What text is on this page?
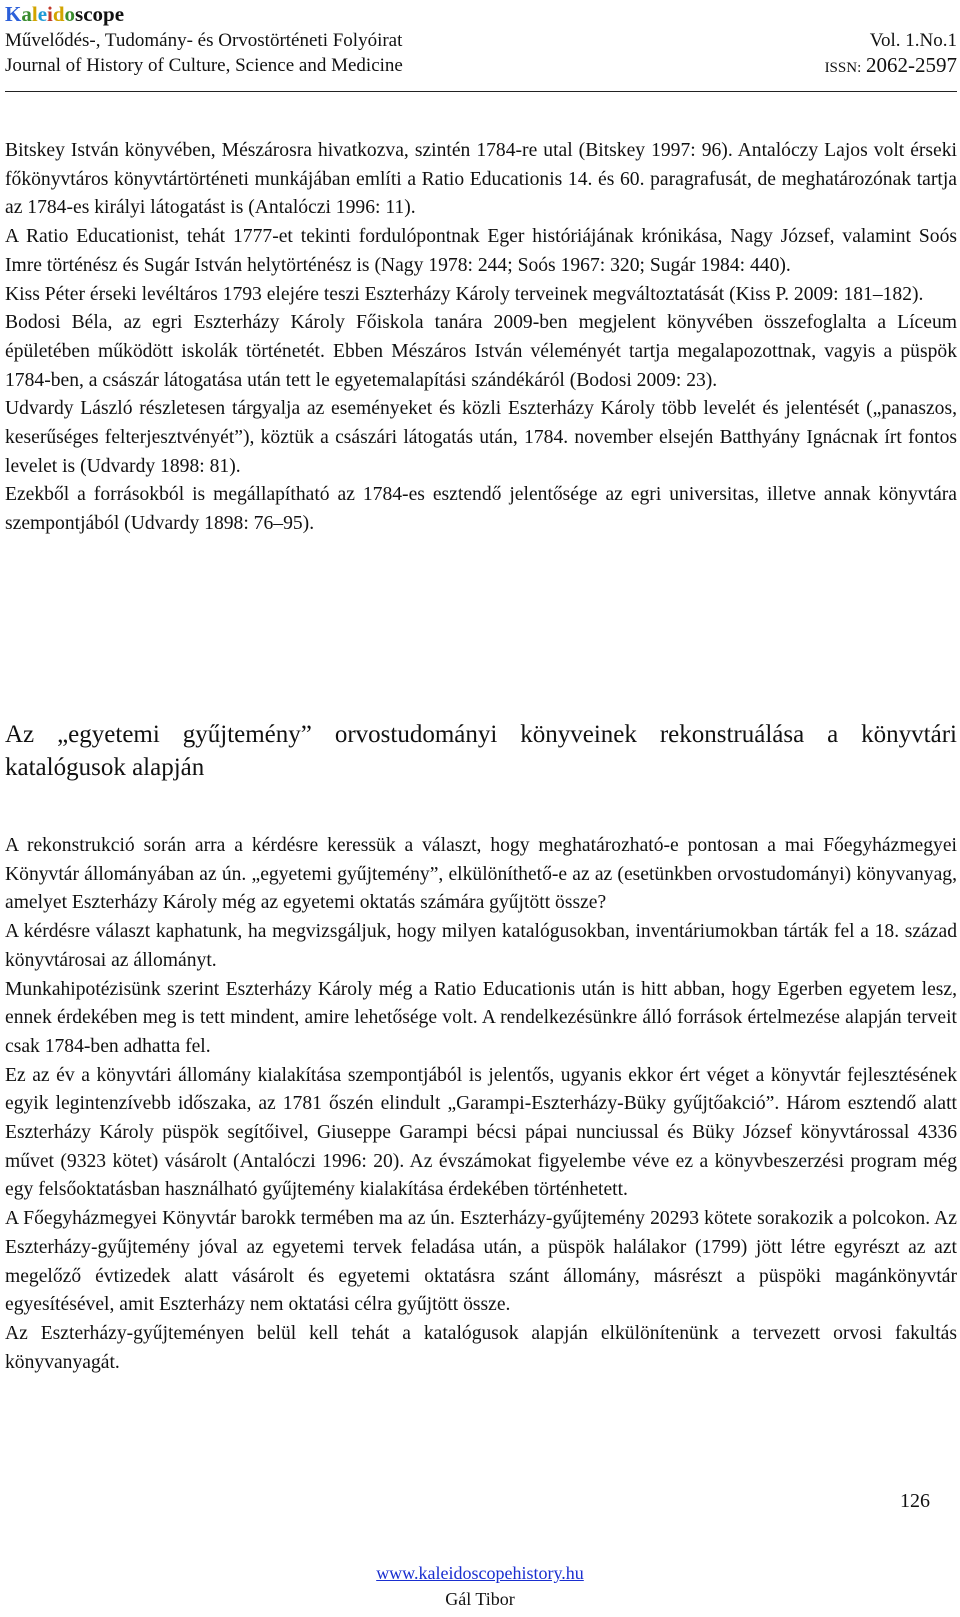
Kaleidoscope
Művelődés-, Tudomány- és Orvostörténeti Folyóirat	Vol. 1.No.1
Journal of History of Culture, Science and Medicine	ISSN: 2062-2597

Bitskey István könyvében, Mészárosra hivatkozva, szintén 1784-re utal (Bitskey 1997: 96). Antalóczy Lajos volt érseki főkönyvtáros könyvtártörténeti munkájában említi a Ratio Educationis 14. és 60. paragrafusát, de meghatározónak tartja az 1784-es királyi látogatást is (Antalóczi 1996: 11).

A Ratio Educationist, tehát 1777-et tekinti fordulópontnak Eger históriájának krónikása, Nagy József, valamint Soós Imre történész és Sugár István helytörténész is (Nagy 1978: 244; Soós 1967: 320; Sugár 1984: 440).

Kiss Péter érseki levéltáros 1793 elejére teszi Eszterházy Károly terveinek megváltoztatását (Kiss P. 2009: 181–182).

Bodosi Béla, az egri Eszterházy Károly Főiskola tanára 2009-ben megjelent könyvében összefoglalta a Líceum épületében működött iskolák történetét. Ebben Mészáros István véleményét tartja megalapozottnak, vagyis a püspök 1784-ben, a császár látogatása után tett le egyetemalapítási szándékáról (Bodosi 2009: 23).

Udvardy László részletesen tárgyalja az eseményeket és közli Eszterházy Károly több levelét és jelentését („panaszos, keserűséges felterjesztvényét”), köztük a császári látogatás után, 1784. november elsején Batthyány Ignácnak írt fontos levelet is (Udvardy 1898: 81).

Ezekből a forrásokból is megállapítható az 1784-es esztendő jelentősége az egri universitas, illetve annak könyvtára szempontjából (Udvardy 1898: 76–95).

Az „egyetemi gyűjtemény” orvostudományi könyveinek rekonstruálása a könyvtári katalógusok alapján

A rekonstrukció során arra a kérdésre keressük a választ, hogy meghatározható-e pontosan a mai Főegyházmegyei Könyvtár állományában az ún. „egyetemi gyűjtemény”, elkülöníthető-e az az (esetünkben orvostudományi) könyvanyag, amelyet Eszterházy Károly még az egyetemi oktatás számára gyűjtött össze?

A kérdésre választ kaphatunk, ha megvizsgáljuk, hogy milyen katalógusokban, inventáriumokban tárták fel a 18. század könyvtárosai az állományt.

Munkahipotézisünk szerint Eszterházy Károly még a Ratio Educationis után is hitt abban, hogy Egerben egyetem lesz, ennek érdekében meg is tett mindent, amire lehetősége volt. A rendelkezésünkre álló források értelmezése alapján terveit csak 1784-ben adhatta fel.

Ez az év a könyvtári állomány kialakítása szempontjából is jelentős, ugyanis ekkor ért véget a könyvtár fejlesztésének egyik legintenzívebb időszaka, az 1781 őszén elindult „Garampi-Eszterházy-Büky gyűjtőakció”. Három esztendő alatt Eszterházy Károly püspök segítőivel, Giuseppe Garampi bécsi pápai nunciussal és Büky József könyvtárossal 4336 művet (9323 kötet) vásárolt (Antalóczi 1996: 20). Az évszámokat figyelembe véve ez a könyvbeszerzési program még egy felsőoktatásban használható gyűjtemény kialakítása érdekében történhetett.

A Főegyházmegyei Könyvtár barokk termében ma az ún. Eszterházy-gyűjtemény 20293 kötete sorakozik a polcokon. Az Eszterházy-gyűjtemény jóval az egyetemi tervek feladása után, a püspök halálakor (1799) jött létre egyrészt az azt megelőző évtizedek alatt vásárolt és egyetemi oktatásra szánt állomány, másrészt a püspöki magánkönyvtár egyesítésével, amit Eszterházy nem oktatási célra gyűjtött össze.

Az Eszterházy-gyűjteményen belül kell tehát a katalógusok alapján elkülönítenünk a tervezett orvosi fakultás könyvanyagát.

126
www.kaleidoscopehistory.hu
Gál Tibor
